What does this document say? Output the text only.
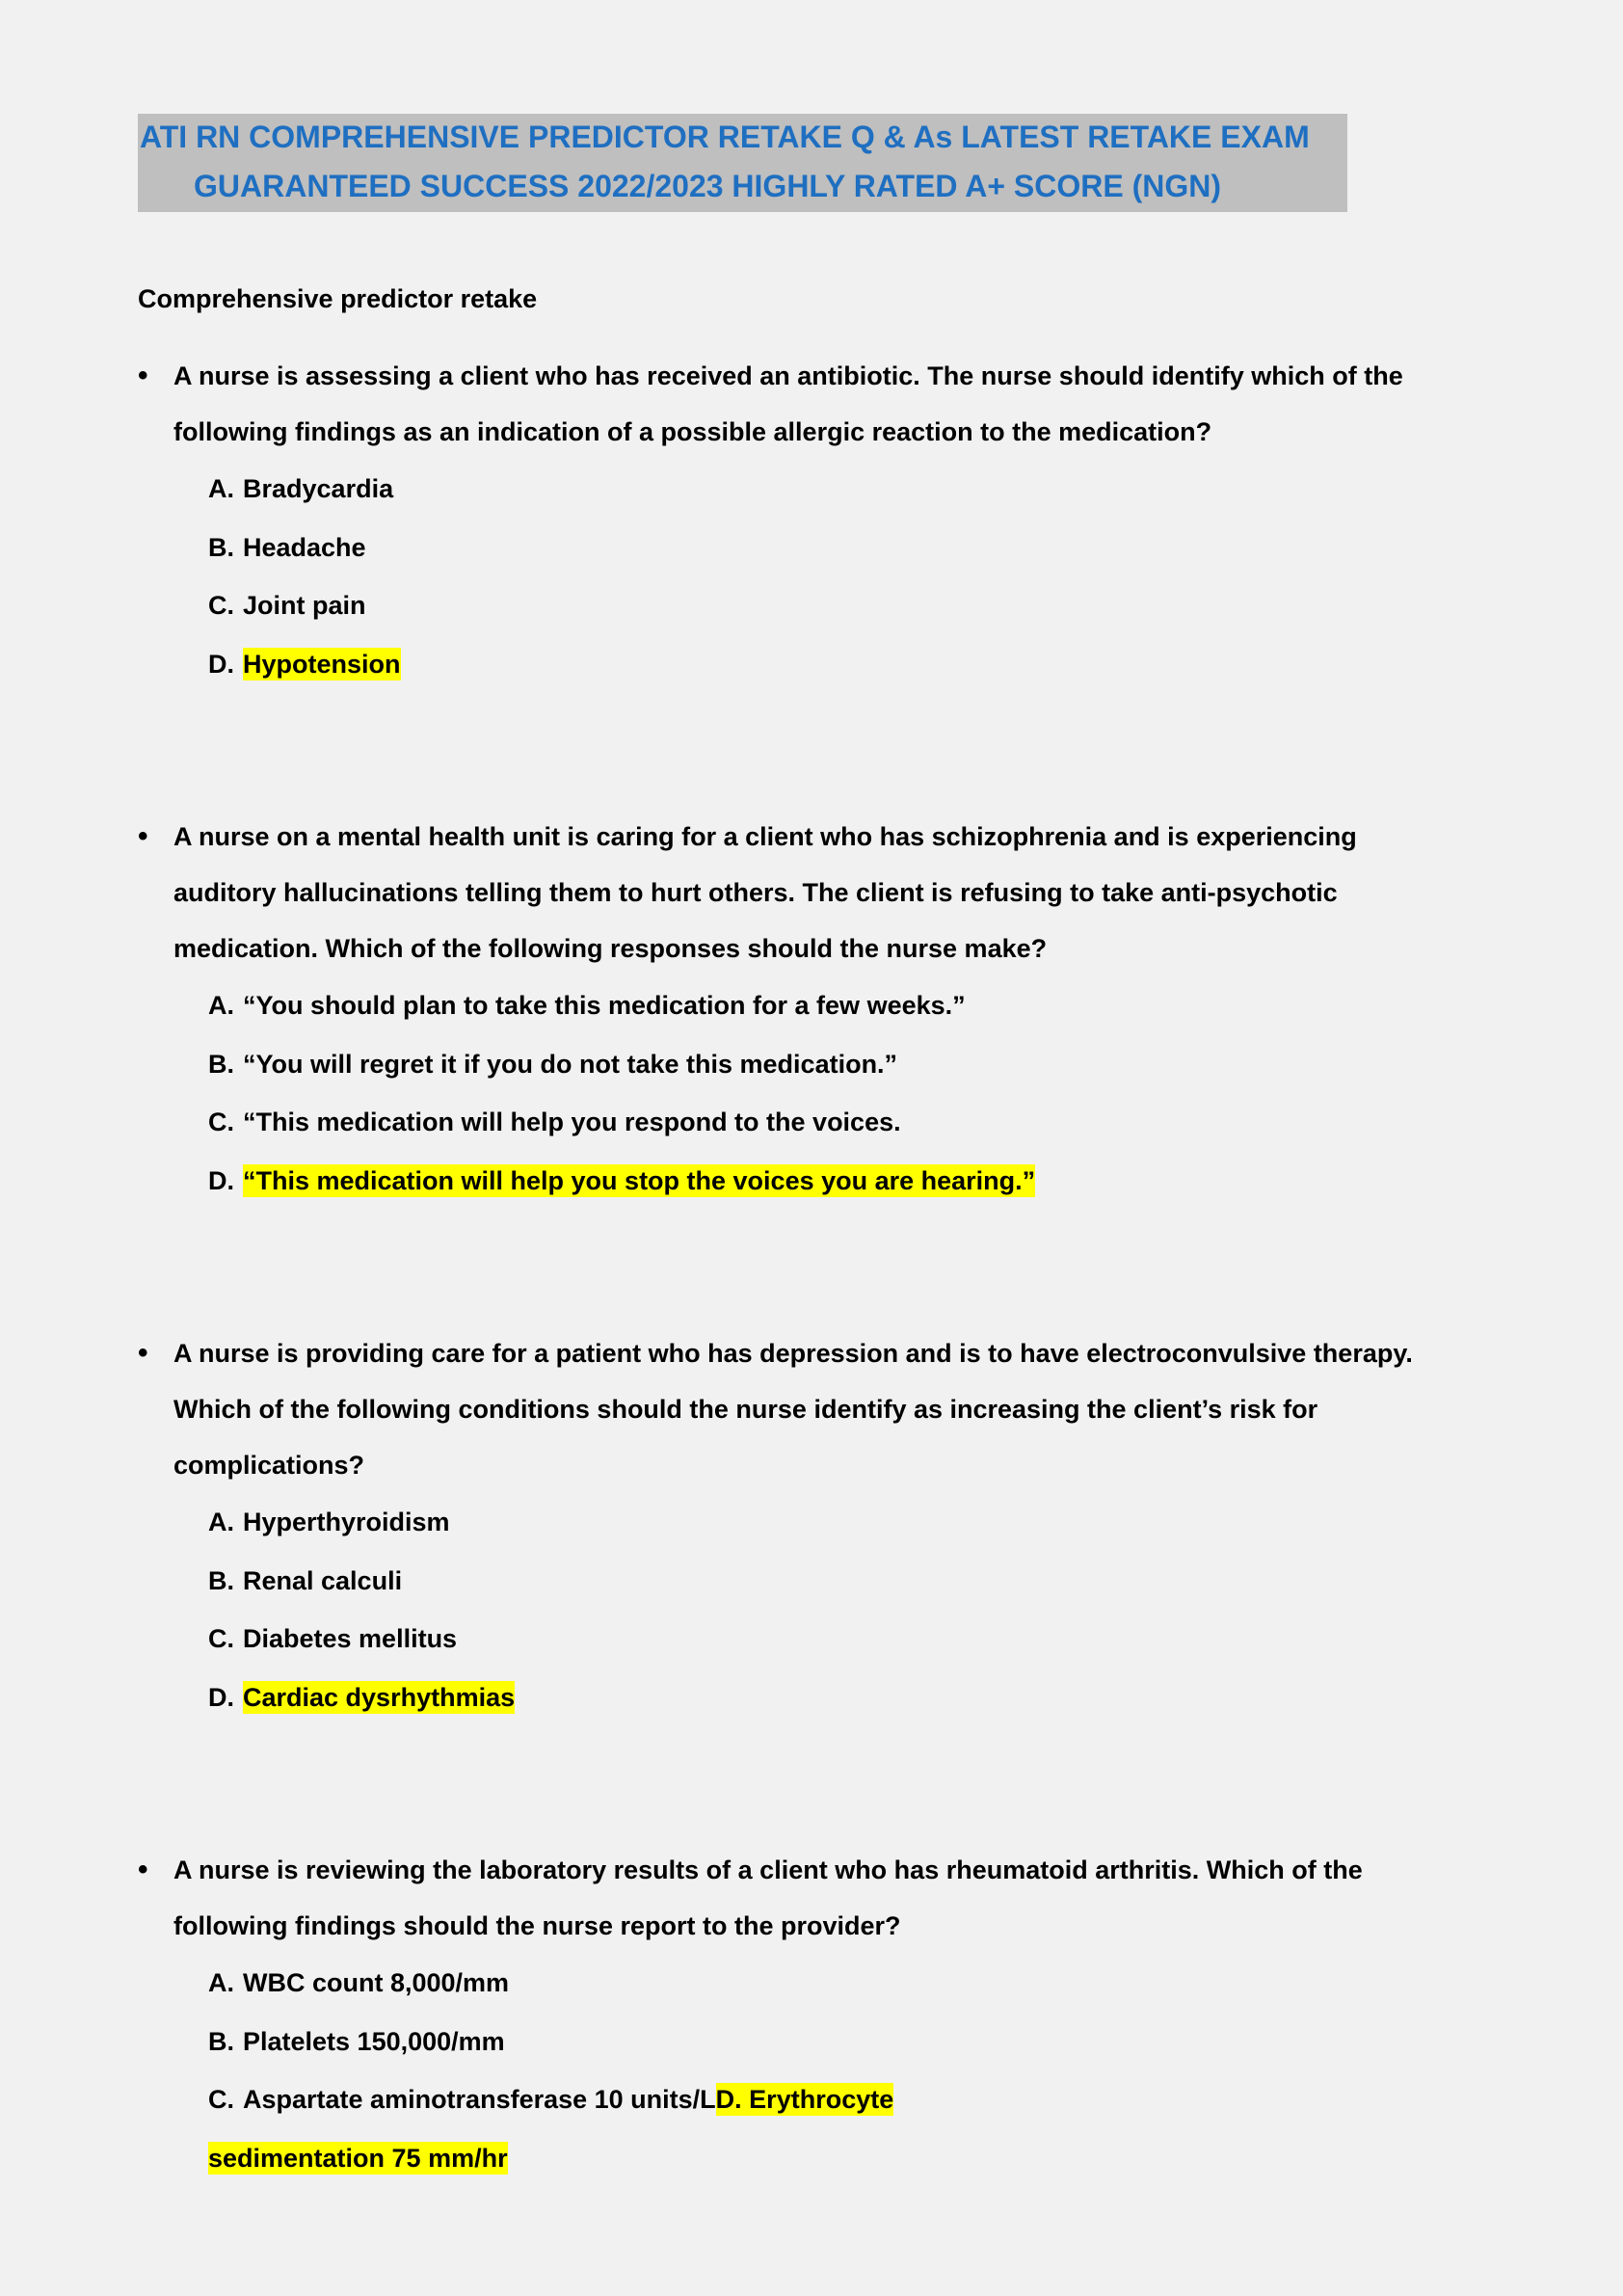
ATI RN COMPREHENSIVE PREDICTOR RETAKE Q & As LATEST RETAKE EXAM
GUARANTEED SUCCESS 2022/2023 HIGHLY RATED A+ SCORE (NGN)
Comprehensive predictor retake
• A nurse is assessing a client who has received an antibiotic. The nurse should identify which of the
following findings as an indication of a possible allergic reaction to the medication?
A. Bradycardia
B. Headache
C. Joint pain
D. Hypotension
• A nurse on a mental health unit is caring for a client who has schizophrenia and is experiencing
auditory hallucinations telling them to hurt others. The client is refusing to take anti-psychotic
medication. Which of the following responses should the nurse make?
A. “You should plan to take this medication for a few weeks.”
B. “You will regret it if you do not take this medication.”
C. “This medication will help you respond to the voices.
D. “This medication will help you stop the voices you are hearing.”
• A nurse is providing care for a patient who has depression and is to have electroconvulsive therapy.
Which of the following conditions should the nurse identify as increasing the client’s risk for
complications?
A. Hyperthyroidism
B. Renal calculi
C. Diabetes mellitus
D. Cardiac dysrhythmias
• A nurse is reviewing the laboratory results of a client who has rheumatoid arthritis. Which of the
following findings should the nurse report to the provider?
A. WBC count 8,000/mm
B. Platelets 150,000/mm
C. Aspartate aminotransferase 10 units/LD. Erythrocyte
sedimentation 75 mm/hr
